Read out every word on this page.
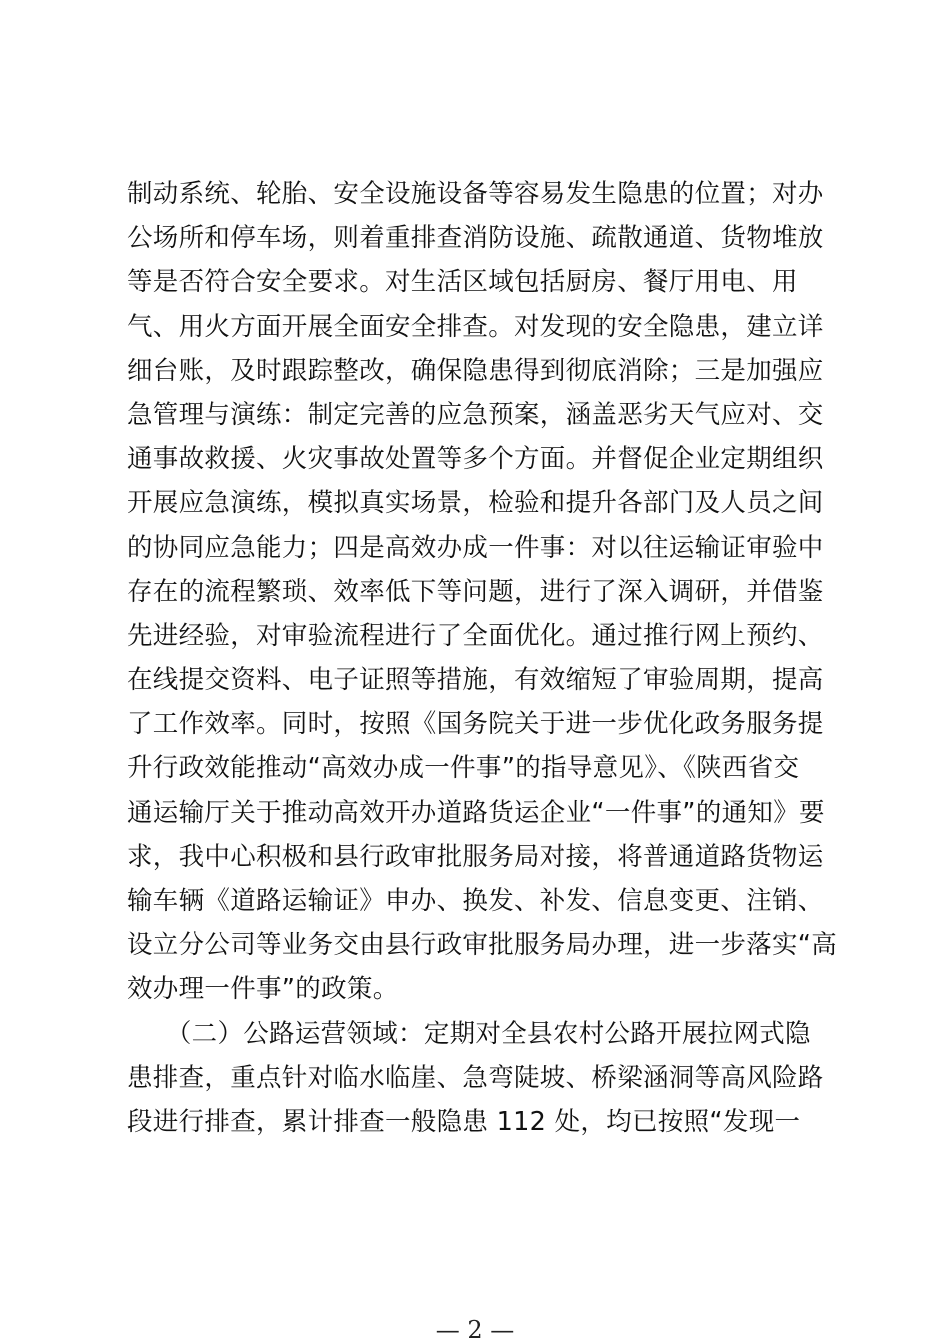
制动系统、轮胎、安全设施设备等容易发生隐患的位置；对办
公场所和停车场，则着重排查消防设施、疏散通道、货物堆放
等是否符合安全要求。对生活区域包括厨房、餐厅用电、用
气、用火方面开展全面安全排查。对发现的安全隐患，建立详
细台账，及时跟踪整改，确保隐患得到彻底消除；三是加强应
急管理与演练：制定完善的应急预案，涵盖恶劣天气应对、交
通事故救援、火灾事故处置等多个方面。并督促企业定期组织
开展应急演练，模拟真实场景，检验和提升各部门及人员之间
的协同应急能力；四是高效办成一件事：对以往运输证审验中
存在的流程繁琐、效率低下等问题，进行了深入调研，并借鉴
先进经验，对审验流程进行了全面优化。通过推行网上预约、
在线提交资料、电子证照等措施，有效缩短了审验周期，提高
了工作效率。同时，按照《国务院关于进一步优化政务服务提
升行政效能推动“高效办成一件事”的指导意见》、《陕西省交
通运输厅关于推动高效开办道路货运企业“一件事”的通知》要
求，我中心积极和县行政审批服务局对接，将普通道路货物运
输车辆《道路运输证》申办、换发、补发、信息变更、注销、
设立分公司等业务交由县行政审批服务局办理，进一步落实“高
效办理一件事”的政策。
　　（二）公路运营领域：定期对全县农村公路开展拉网式隐
患排查，重点针对临水临崖、急弯陡坡、桥梁涵洞等高风险路
段进行排查，累计排查一般隐患 112 处，均已按照“发现一
— 2 —
